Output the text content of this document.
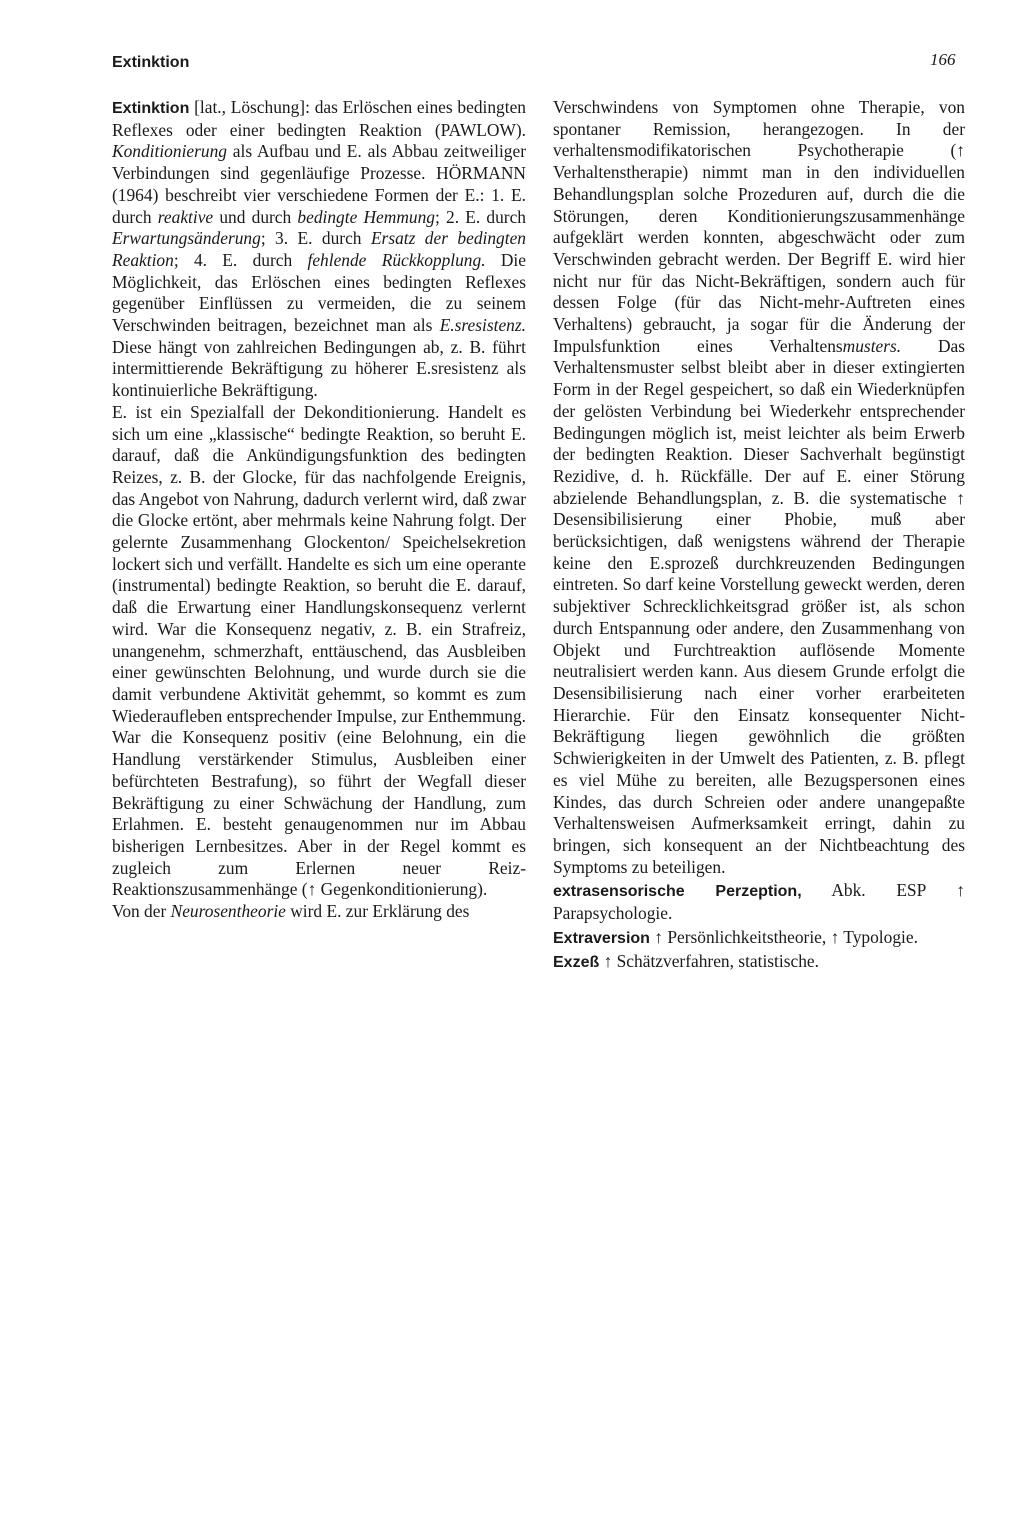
Extinktion	166

Extinktion [lat., Löschung]: das Erlöschen eines bedingten Reflexes oder einer bedingten Reaktion (PAWLOW). Konditionierung als Aufbau und E. als Abbau zeitweiliger Verbindungen sind gegenläufige Prozesse. HÖRMANN (1964) beschreibt vier verschiedene Formen der E.: 1. E. durch reaktive und durch bedingte Hemmung; 2. E. durch Erwartungsänderung; 3. E. durch Ersatz der bedingten Reaktion; 4. E. durch fehlende Rückkopplung. Die Möglichkeit, das Erlöschen eines bedingten Reflexes gegenüber Einflüssen zu vermeiden, die zu seinem Verschwinden beitragen, bezeichnet man als E.sresistenz. Diese hängt von zahlreichen Bedingungen ab, z. B. führt intermittierende Bekräftigung zu höherer E.sresistenz als kontinuierliche Bekräftigung.

E. ist ein Spezialfall der Dekonditionierung. Handelt es sich um eine „klassische“ bedingte Reaktion, so beruht E. darauf, daß die Ankündigungsfunktion des bedingten Reizes, z. B. der Glocke, für das nachfolgende Ereignis, das Angebot von Nahrung, dadurch verlernt wird, daß zwar die Glocke ertönt, aber mehrmals keine Nahrung folgt. Der gelernte Zusammenhang Glockenton/ Speichelsekretion lockert sich und verfällt. Handelte es sich um eine operante (instrumental) bedingte Reaktion, so beruht die E. darauf, daß die Erwartung einer Handlungskonsequenz verlernt wird. War die Konsequenz negativ, z. B. ein Strafreiz, unangenehm, schmerzhaft, enttäuschend, das Ausbleiben einer gewünschten Belohnung, und wurde durch sie die damit verbundene Aktivität gehemmt, so kommt es zum Wiederaufleben entsprechender Impulse, zur Enthemmung. War die Konsequenz positiv (eine Belohnung, ein die Handlung verstärkender Stimulus, Ausbleiben einer befürchteten Bestrafung), so führt der Wegfall dieser Bekräftigung zu einer Schwächung der Handlung, zum Erlahmen. E. besteht genaugenommen nur im Abbau bisherigen Lernbesitzes. Aber in der Regel kommt es zugleich zum Erlernen neuer Reiz-Reaktionszusammenhänge (↑ Gegenkonditionierung).

Von der Neurosentheorie wird E. zur Erklärung des

Verschwindens von Symptomen ohne Therapie, von spontaner Remission, herangezogen. In der verhaltensmodifikatorischen Psychotherapie (↑ Verhaltenstherapie) nimmt man in den individuellen Behandlungsplan solche Prozeduren auf, durch die die Störungen, deren Konditionierungszusammenhänge aufgeklärt werden konnten, abgeschwächt oder zum Verschwinden gebracht werden. Der Begriff E. wird hier nicht nur für das Nicht-Bekräftigen, sondern auch für dessen Folge (für das Nicht-mehr-Auftreten eines Verhaltens) gebraucht, ja sogar für die Änderung der Impulsfunktion eines Verhaltensmusters. Das Verhaltensmuster selbst bleibt aber in dieser extingierten Form in der Regel gespeichert, so daß ein Wiederknüpfen der gelösten Verbindung bei Wiederkehr entsprechender Bedingungen möglich ist, meist leichter als beim Erwerb der bedingten Reaktion. Dieser Sachverhalt begünstigt Rezidive, d. h. Rückfälle. Der auf E. einer Störung abzielende Behandlungsplan, z. B. die systematische ↑ Desensibilisierung einer Phobie, muß aber berücksichtigen, daß wenigstens während der Therapie keine den E.sprozeß durchkreuzenden Bedingungen eintreten. So darf keine Vorstellung geweckt werden, deren subjektiver Schrecklichkeitsgrad größer ist, als schon durch Entspannung oder andere, den Zusammenhang von Objekt und Furchtreaktion auflösende Momente neutralisiert werden kann. Aus diesem Grunde erfolgt die Desensibilisierung nach einer vorher erarbeiteten Hierarchie. Für den Einsatz konsequenter Nicht-Bekräftigung liegen gewöhnlich die größten Schwierigkeiten in der Umwelt des Patienten, z. B. pflegt es viel Mühe zu bereiten, alle Bezugspersonen eines Kindes, das durch Schreien oder andere unangepaßte Verhaltensweisen Aufmerksamkeit erringt, dahin zu bringen, sich konsequent an der Nichtbeachtung des Symptoms zu beteiligen.

extrasensorische Perzeption, Abk. ESP ↑ Parapsychologie.

Extraversion ↑ Persönlichkeitstheorie, ↑ Typologie.

Exzeß ↑ Schätzverfahren, statistische.
